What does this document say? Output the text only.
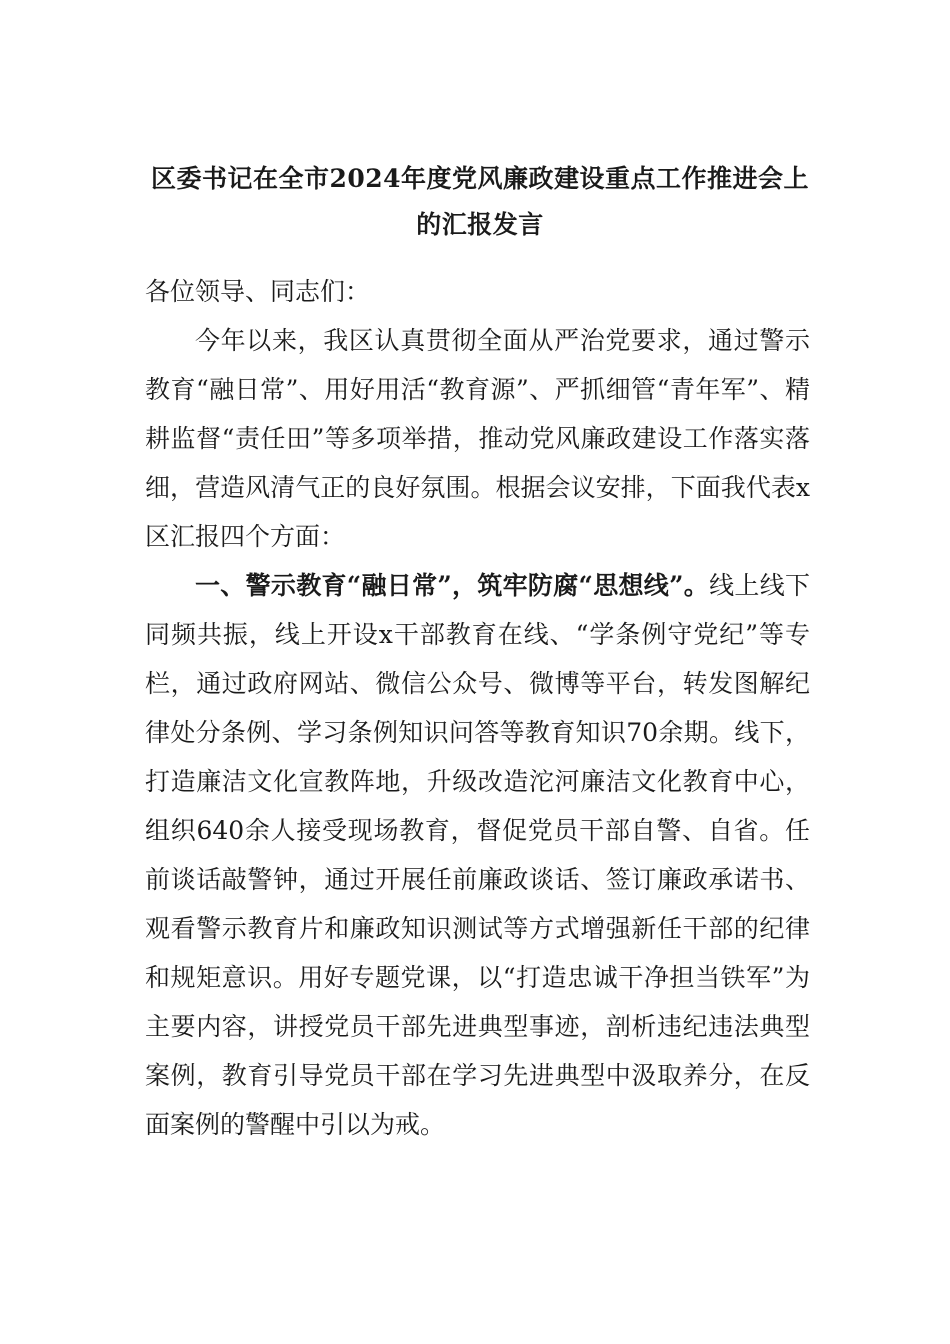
区委书记在全市2024年度党风廉政建设重点工作推进会上
的汇报发言

各位领导、同志们：

今年以来，我区认真贯彻全面从严治党要求，通过警示教育“融日常”、用好用活“教育源”、严抓细管“青年军”、精耕监督“责任田”等多项举措，推动党风廉政建设工作落实落细，营造风清气正的良好氛围。根据会议安排，下面我代表x区汇报四个方面：

一、警示教育“融日常”，筑牢防腐“思想线”。线上线下同频共振，线上开设x干部教育在线、“学条例守党纪”等专栏，通过政府网站、微信公众号、微博等平台，转发图解纪律处分条例、学习条例知识问答等教育知识70余期。线下，打造廉洁文化宣教阵地，升级改造沱河廉洁文化教育中心，组织640余人接受现场教育，督促党员干部自警、自省。任前谈话敲警钟，通过开展任前廉政谈话、签订廉政承诺书、观看警示教育片和廉政知识测试等方式增强新任干部的纪律和规矩意识。用好专题党课，以“打造忠诚干净担当铁军”为主要内容，讲授党员干部先进典型事迹，剖析违纪违法典型案例，教育引导党员干部在学习先进典型中汲取养分，在反面案例的警醒中引以为戒。
